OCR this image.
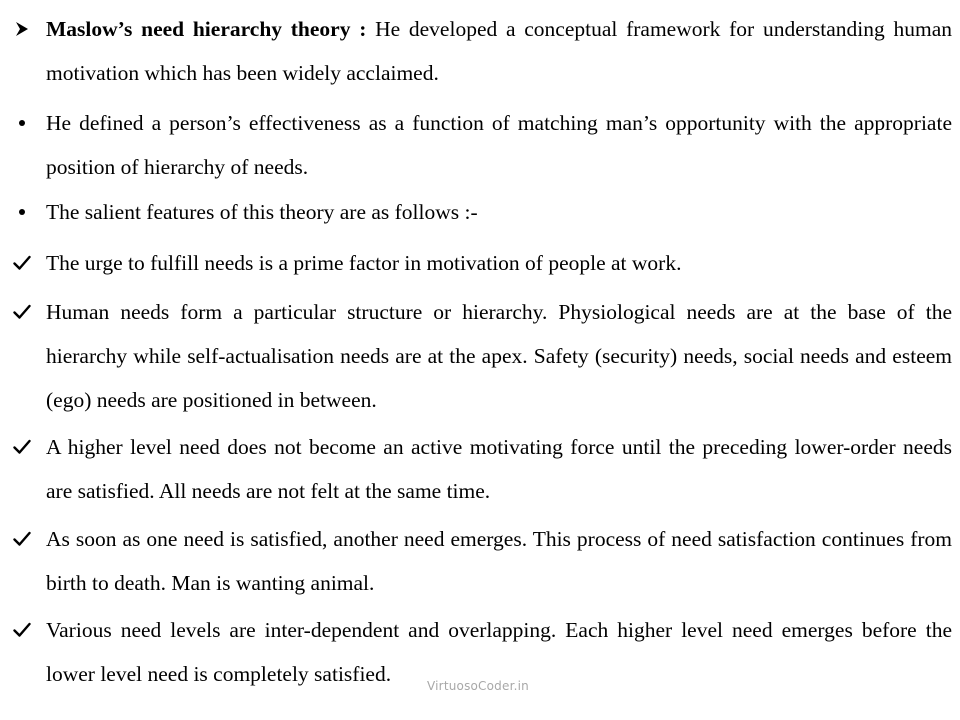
Maslow’s need hierarchy theory : He developed a conceptual framework for understanding human motivation which has been widely acclaimed.
He defined a person’s effectiveness as a function of matching man’s opportunity with the appropriate position of hierarchy of needs.
The salient features of this theory are as follows :-
The urge to fulfill needs is a prime factor in motivation of people at work.
Human needs form a particular structure or hierarchy. Physiological needs are at the base of the hierarchy while self-actualisation needs are at the apex. Safety (security) needs, social needs and esteem (ego) needs are positioned in between.
A higher level need does not become an active motivating force until the preceding lower-order needs are satisfied. All needs are not felt at the same time.
As soon as one need is satisfied, another need emerges. This process of need satisfaction continues from birth to death. Man is wanting animal.
Various need levels are inter-dependent and overlapping. Each higher level need emerges before the lower level need is completely satisfied.	VirtuosoCoder.in
